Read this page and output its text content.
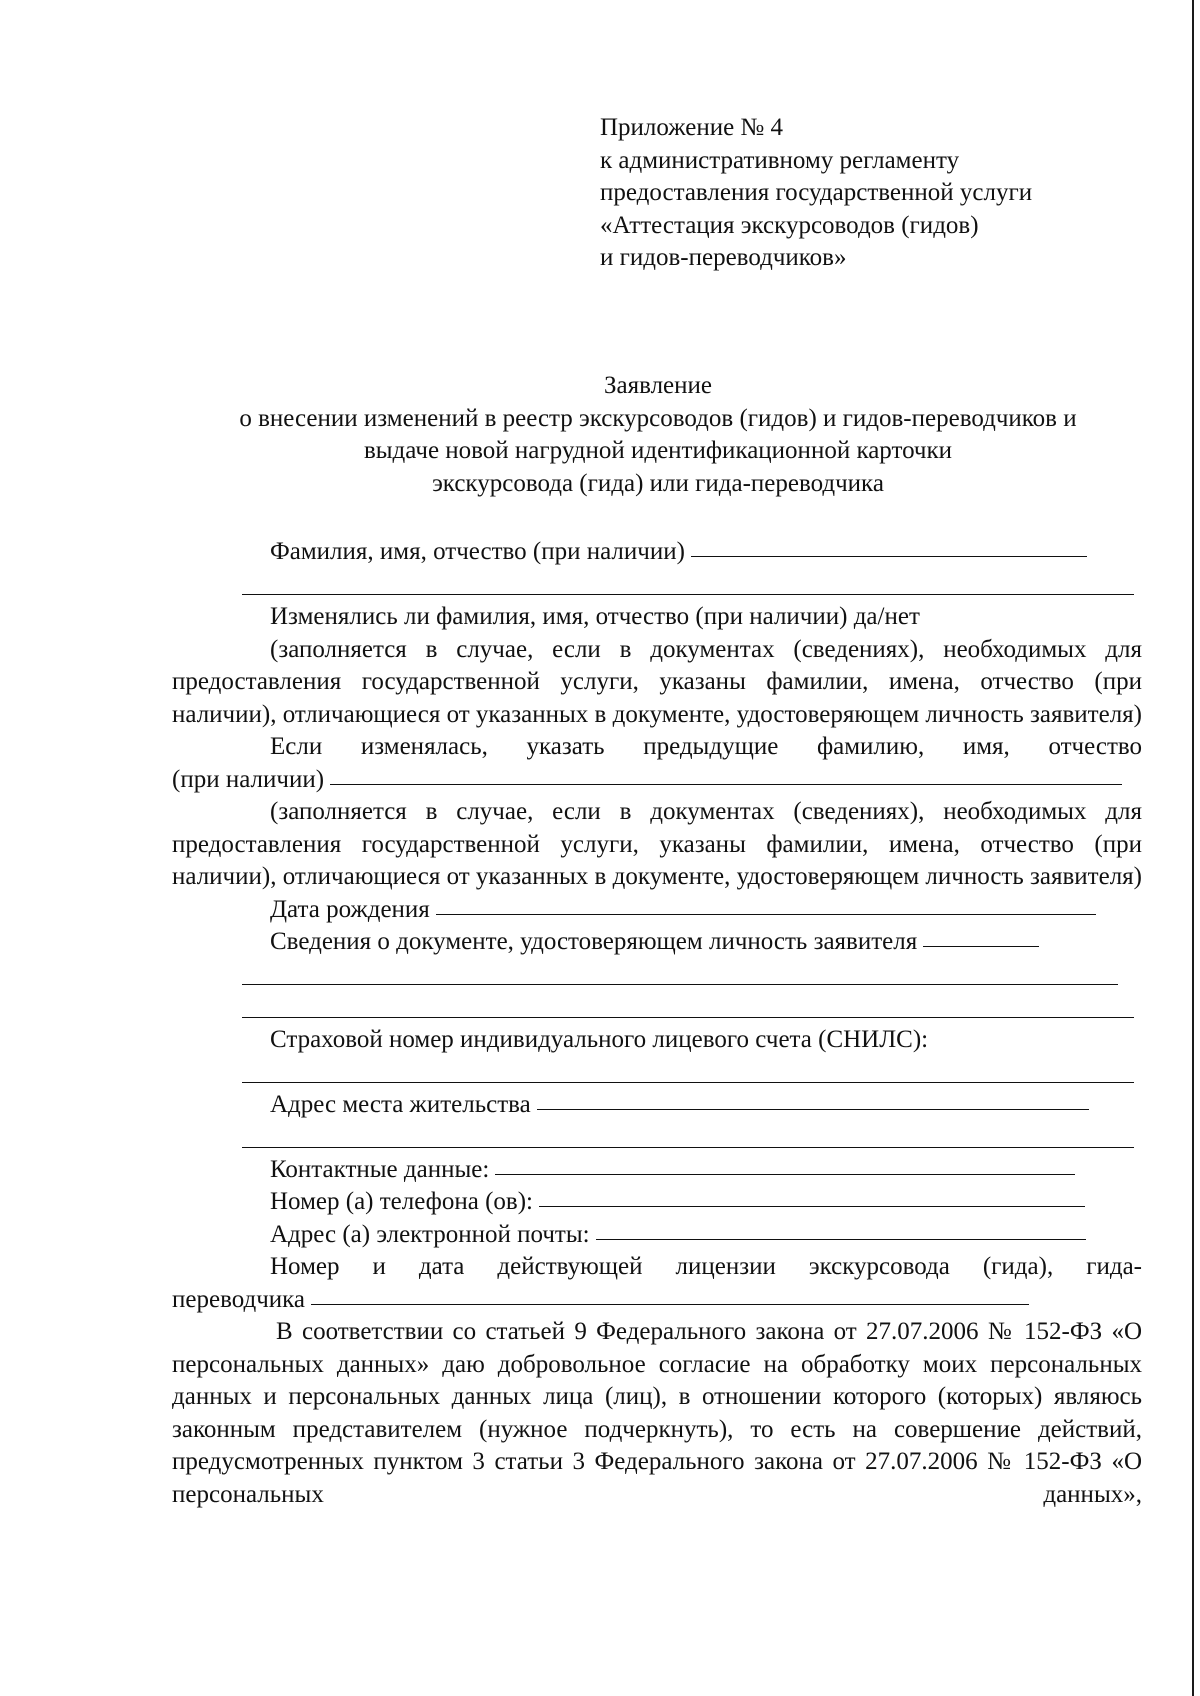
Приложение № 4
к административному регламенту
предоставления государственной услуги
«Аттестация экскурсоводов (гидов)
и гидов-переводчиков»
Заявление
о внесении изменений в реестр экскурсоводов (гидов) и гидов-переводчиков и
выдаче новой нагрудной идентификационной карточки
экскурсовода (гида) или гида-переводчика
Фамилия, имя, отчество (при наличии)

Изменялись ли фамилия, имя, отчество (при наличии) да/нет

(заполняется в случае, если в документах (сведениях), необходимых для предоставления государственной услуги, указаны фамилии, имена, отчество (при наличии), отличающиеся от указанных в документе, удостоверяющем личность заявителя)

Если изменялась, указать предыдущие фамилию, имя, отчество

(при наличии)

(заполняется в случае, если в документах (сведениях), необходимых для предоставления государственной услуги, указаны фамилии, имена, отчество (при наличии), отличающиеся от указанных в документе, удостоверяющем личность заявителя)

Дата рождения
Сведения о документе, удостоверяющем личность заявителя
Страховой номер индивидуального лицевого счета (СНИЛС):
Адрес места жительства
Контактные данные:
Номер (а) телефона (ов):
Адрес (а) электронной почты:

Номер и дата действующей лицензии экскурсовода (гида), гида-

переводчика

В соответствии со статьей 9 Федерального закона от 27.07.2006 № 152-ФЗ «О персональных данных» даю добровольное согласие на обработку моих персональных данных и персональных данных лица (лиц), в отношении которого (которых) являюсь законным представителем (нужное подчеркнуть), то есть на совершение действий, предусмотренных пунктом 3 статьи 3 Федерального закона от 27.07.2006 № 152-ФЗ «О персональных данных»,
